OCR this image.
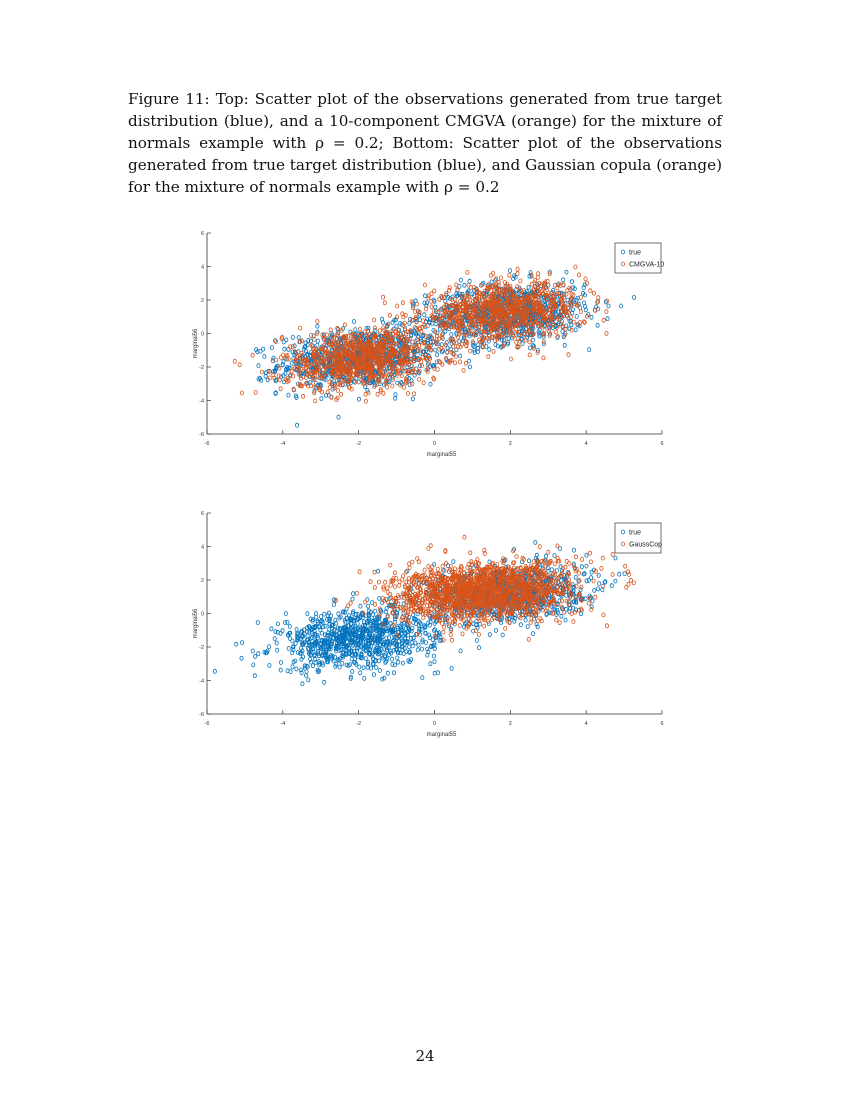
Figure 11: Top: Scatter plot of the observations generated from true target distribution (blue), and a 10-component CMGVA (orange) for the mixture of normals example with ρ = 0.2; Bottom: Scatter plot of the observations generated from true target distribution (blue), and Gaussian copula (orange) for the mixture of normals example with ρ = 0.2

-6	-4	-2	0	2	4	6
-6
-4
-2
0
2
4
6
marginal55
marginal56
true
CMGVA-10
-6	-4	-2	0	2	4	6
-6
-4
-2
0
2
4
6
marginal55
marginal56
true
GaussCop
24
